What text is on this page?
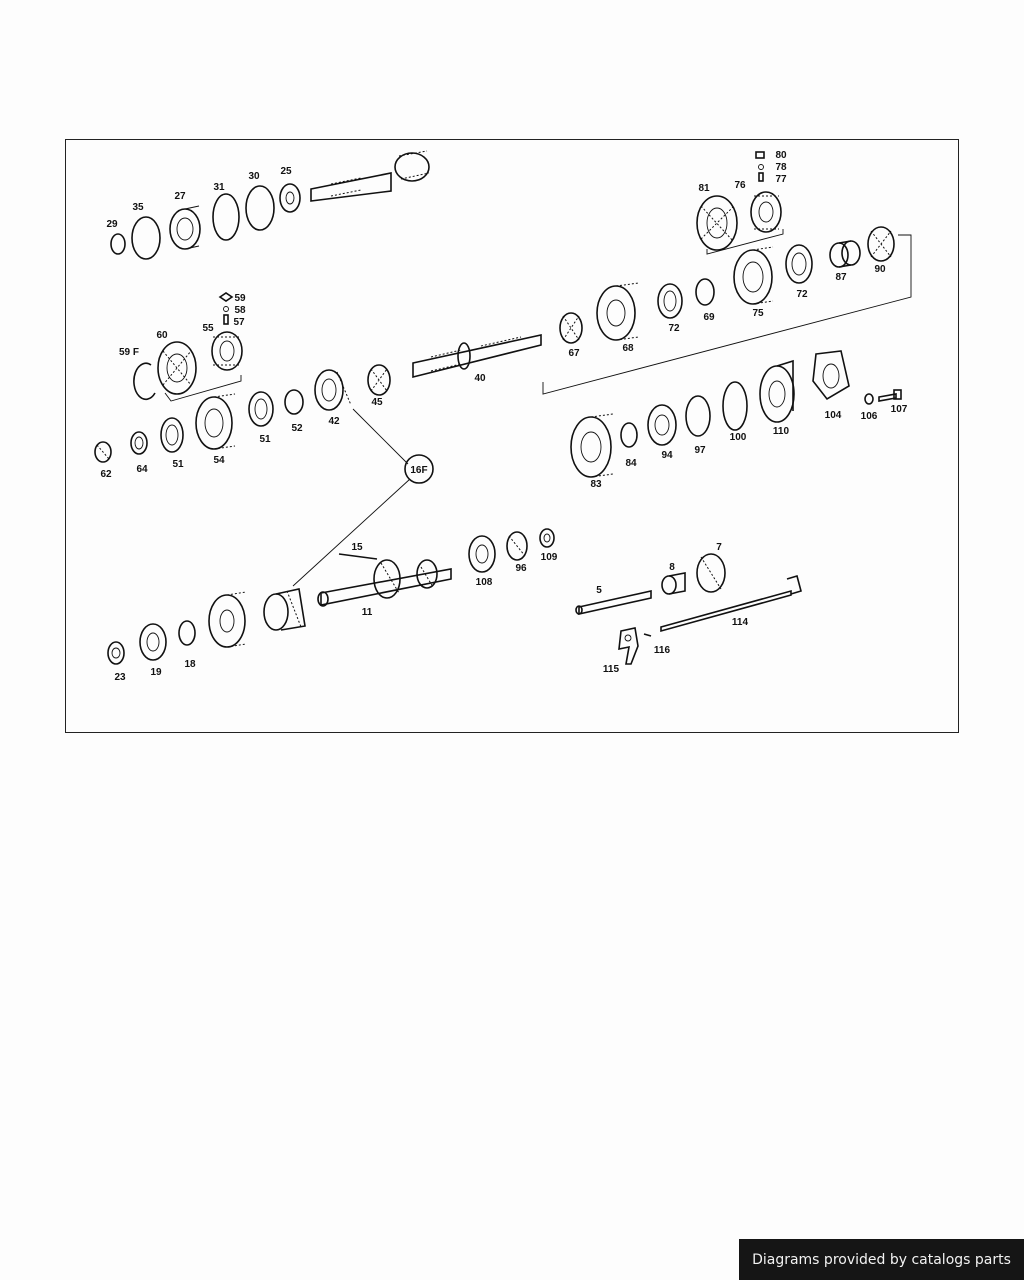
29
35
27
31
30 25
80
78
77
81 76
87
90
72
75
69
72
68
67
40
59
58
57
60
55
59 F
45
42
52
51
54
51
64
62
104 106
107
110
100
97
94
84
83
16F
15
11
108
96
109
7
8
5
114
116
115
23 19
18
Diagrams provided by catalogs parts
